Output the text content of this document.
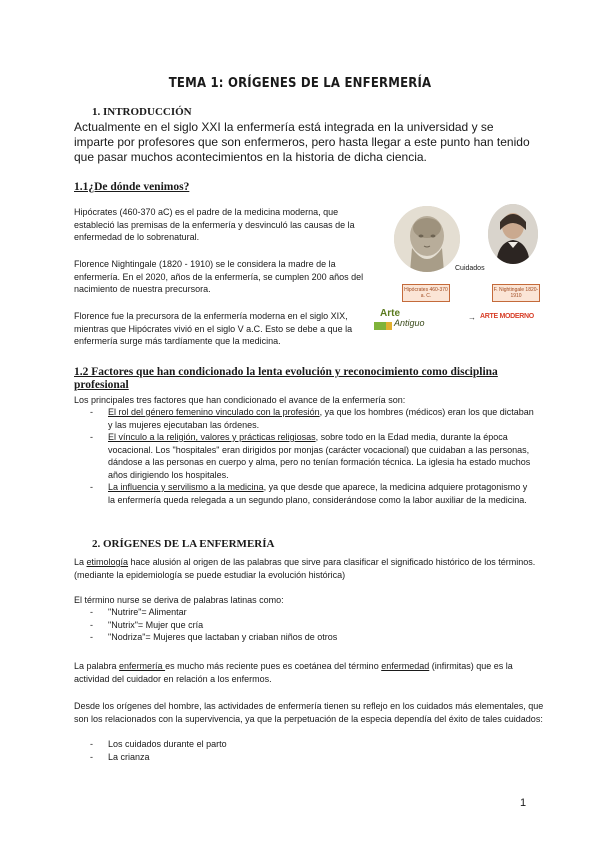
TEMA 1: ORÍGENES DE LA ENFERMERÍA
1. INTRODUCCIÓN
Actualmente en el siglo XXI la enfermería está integrada en la universidad y se imparte por profesores que son enfermeros, pero hasta llegar a este punto han tenido que pasar muchos acontecimientos en la historia de dicha ciencia.
1.1¿De dónde venimos?
Hipócrates (460-370 aC) es el padre de la medicina moderna, que estableció las premisas de la enfermería y desvinculó las causas de la enfermedad de lo sobrenatural.
Florence Nightingale (1820 - 1910) se le considera la madre de la enfermería. En el 2020, años de la enfermería, se cumplen 200 años del nacimiento de nuestra precursora.
Florence fue la precursora de la enfermería moderna en el siglo XIX, mientras que Hipócrates vivió en el siglo V a.C. Esto se debe a que la enfermería surge más tardíamente que la medicina.
Cuidados
Hipócrates 460-370 a. C.
F. Nightingale 1820-1910
Arte
Antiguo
→ ARTE MODERNO
1.2 Factores que han condicionado la lenta evolución y reconocimiento como disciplina profesional
Los principales tres factores que han condicionado el avance de la enfermería son:
- El rol del género femenino vinculado con la profesión, ya que los hombres (médicos) eran los que dictaban y las mujeres ejecutaban las órdenes.
- El vínculo a la religión, valores y prácticas religiosas, sobre todo en la Edad media, durante la época vocacional. Los "hospitales" eran dirigidos por monjas (carácter vocacional) que cuidaban a las personas, dándose a las personas en cuerpo y alma, pero no tenían formación técnica. La iglesia ha estado muchos años dirigiendo los hospitales.
- La influencia y servilismo a la medicina, ya que desde que aparece, la medicina adquiere protagonismo y la enfermería queda relegada a un segundo plano, considerándose como la labor auxiliar de la medicina.
2. ORÍGENES DE LA ENFERMERÍA
La etimología hace alusión al origen de las palabras que sirve para clasificar el significado histórico de los términos.(mediante la epidemiología se puede estudiar la evolución histórica)
El término nurse se deriva de palabras latinas como:
- "Nutrire"= Alimentar
- "Nutrix"= Mujer que cría
- "Nodriza"= Mujeres que lactaban y criaban niños de otros
La palabra enfermería es mucho más reciente pues es coetánea del término enfermedad (infirmitas) que es la actividad del cuidador en relación a los enfermos.
Desde los orígenes del hombre, las actividades de enfermería tienen su reflejo en los cuidados más elementales, que son los relacionados con la supervivencia, ya que la perpetuación de la especia dependía del éxito de tales cuidados:
- Los cuidados durante el parto
- La crianza
1
